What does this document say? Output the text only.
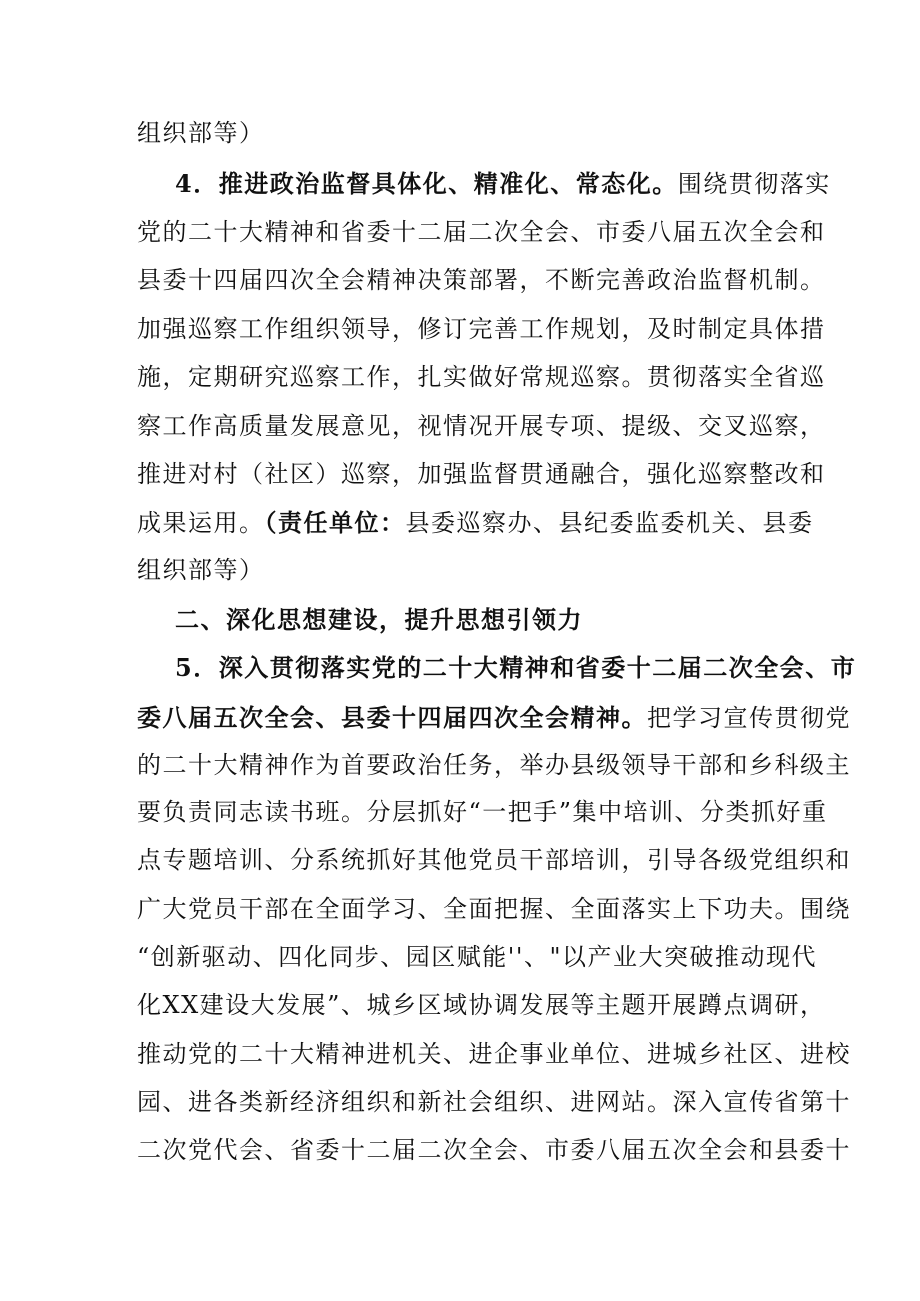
组织部等）
4．推进政治监督具体化、精准化、常态化。围绕贯彻落实
党的二十大精神和省委十二届二次全会、市委八届五次全会和
县委十四届四次全会精神决策部署，不断完善政治监督机制。
加强巡察工作组织领导，修订完善工作规划，及时制定具体措
施，定期研究巡察工作，扎实做好常规巡察。贯彻落实全省巡
察工作高质量发展意见，视情况开展专项、提级、交叉巡察，
推进对村（社区）巡察，加强监督贯通融合，强化巡察整改和
成果运用。（责任单位：县委巡察办、县纪委监委机关、县委
组织部等）
二、深化思想建设，提升思想引领力
5．深入贯彻落实党的二十大精神和省委十二届二次全会、市
委八届五次全会、县委十四届四次全会精神。把学习宣传贯彻党
的二十大精神作为首要政治任务，举办县级领导干部和乡科级主
要负责同志读书班。分层抓好“一把手”集中培训、分类抓好重
点专题培训、分系统抓好其他党员干部培训，引导各级党组织和
广大党员干部在全面学习、全面把握、全面落实上下功夫。围绕
“创新驱动、四化同步、园区赋能''、"以产业大突破推动现代
化XX建设大发展”、城乡区域协调发展等主题开展蹲点调研，
推动党的二十大精神进机关、进企事业单位、进城乡社区、进校
园、进各类新经济组织和新社会组织、进网站。深入宣传省第十
二次党代会、省委十二届二次全会、市委八届五次全会和县委十
